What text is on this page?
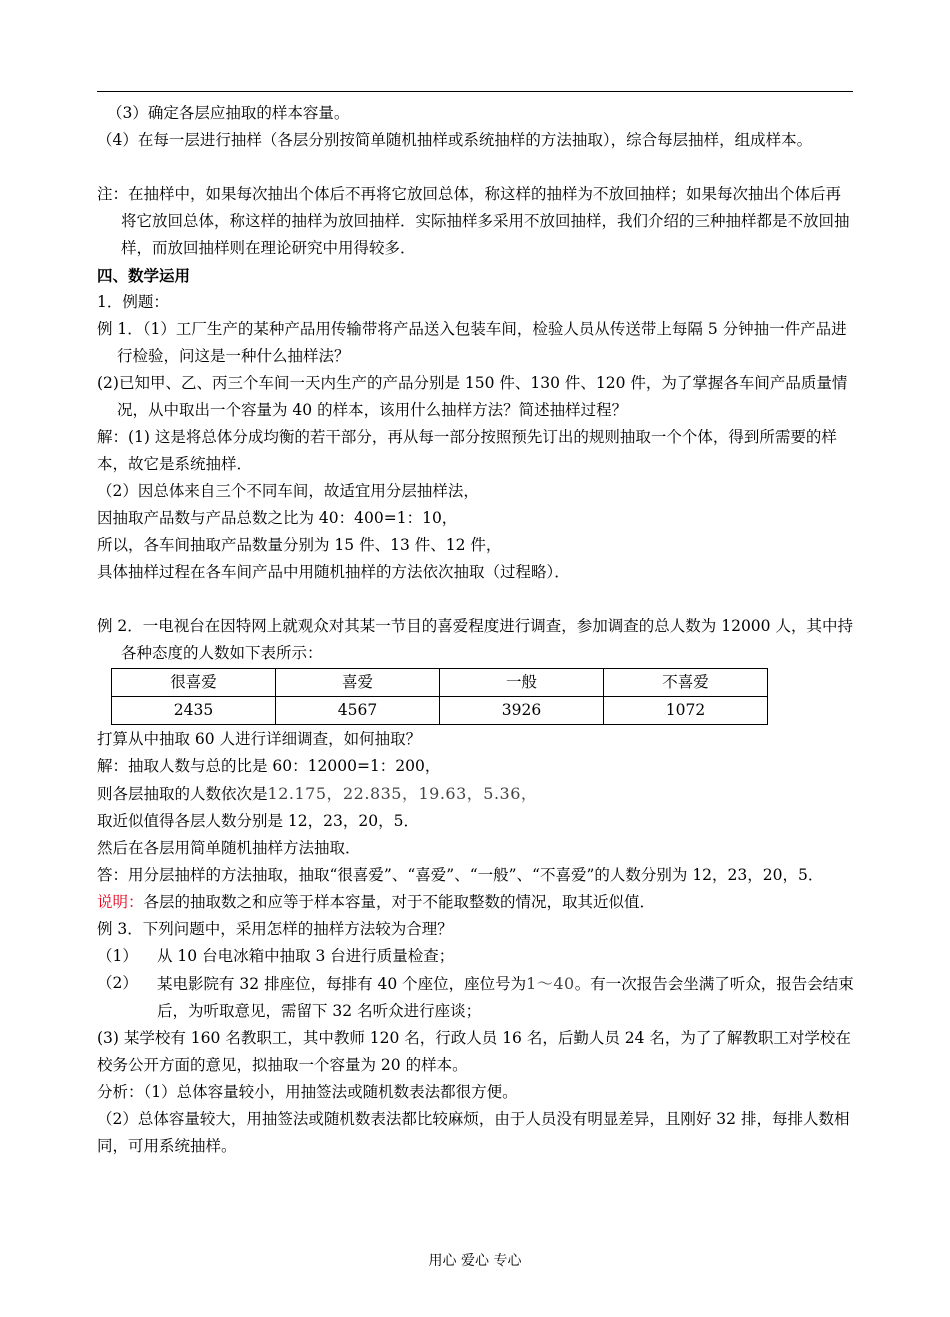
（3）确定各层应抽取的样本容量。

（4）在每一层进行抽样（各层分别按简单随机抽样或系统抽样的方法抽取），综合每层抽样，组成样本。

注：在抽样中，如果每次抽出个体后不再将它放回总体，称这样的抽样为不放回抽样；如果每次抽出个体后再将它放回总体，称这样的抽样为放回抽样．实际抽样多采用不放回抽样，我们介绍的三种抽样都是不放回抽样，而放回抽样则在理论研究中用得较多．

四、数学运用

1．例题：

例 1．（1）工厂生产的某种产品用传输带将产品送入包装车间，检验人员从传送带上每隔 5 分钟抽一件产品进行检验，问这是一种什么抽样法？

(2)已知甲、乙、丙三个车间一天内生产的产品分别是 150 件、130 件、120 件，为了掌握各车间产品质量情况，从中取出一个容量为 40 的样本，该用什么抽样方法？简述抽样过程？

解：(1) 这是将总体分成均衡的若干部分，再从每一部分按照预先订出的规则抽取一个个体，得到所需要的样本，故它是系统抽样．

（2）因总体来自三个不同车间，故适宜用分层抽样法，

因抽取产品数与产品总数之比为 40：400=1：10，

所以，各车间抽取产品数量分别为 15 件、13 件、12 件，

具体抽样过程在各车间产品中用随机抽样的方法依次抽取（过程略）．

例 2．一电视台在因特网上就观众对其某一节目的喜爱程度进行调查，参加调查的总人数为 12000 人，其中持各种态度的人数如下表所示：

很喜爱	喜爱	一般	不喜爱
2435	4567	3926	1072

打算从中抽取 60 人进行详细调查，如何抽取？

解：抽取人数与总的比是 60：12000=1：200，

则各层抽取的人数依次是12.175，22.835，19.63，5.36，

取近似值得各层人数分别是 12，23，20，5．

然后在各层用简单随机抽样方法抽取．

答：用分层抽样的方法抽取，抽取“很喜爱”、“喜爱”、“一般”、“不喜爱”的人数分别为 12，23，20，5．

说明：各层的抽取数之和应等于样本容量，对于不能取整数的情况，取其近似值．

例 3．下列问题中，采用怎样的抽样方法较为合理？

（1）	从 10 台电冰箱中抽取 3 台进行质量检查；
（2）	某电影院有 32 排座位，每排有 40 个座位，座位号为1～40。有一次报告会坐满了听众，报告会结束后，为听取意见，需留下 32 名听众进行座谈；

(3) 某学校有 160 名教职工，其中教师 120 名，行政人员 16 名，后勤人员 24 名，为了了解教职工对学校在校务公开方面的意见，拟抽取一个容量为 20 的样本。

分析：（1）总体容量较小，用抽签法或随机数表法都很方便。

（2）总体容量较大，用抽签法或随机数表法都比较麻烦，由于人员没有明显差异，且刚好 32 排，每排人数相同，可用系统抽样。

用心 爱心 专心
